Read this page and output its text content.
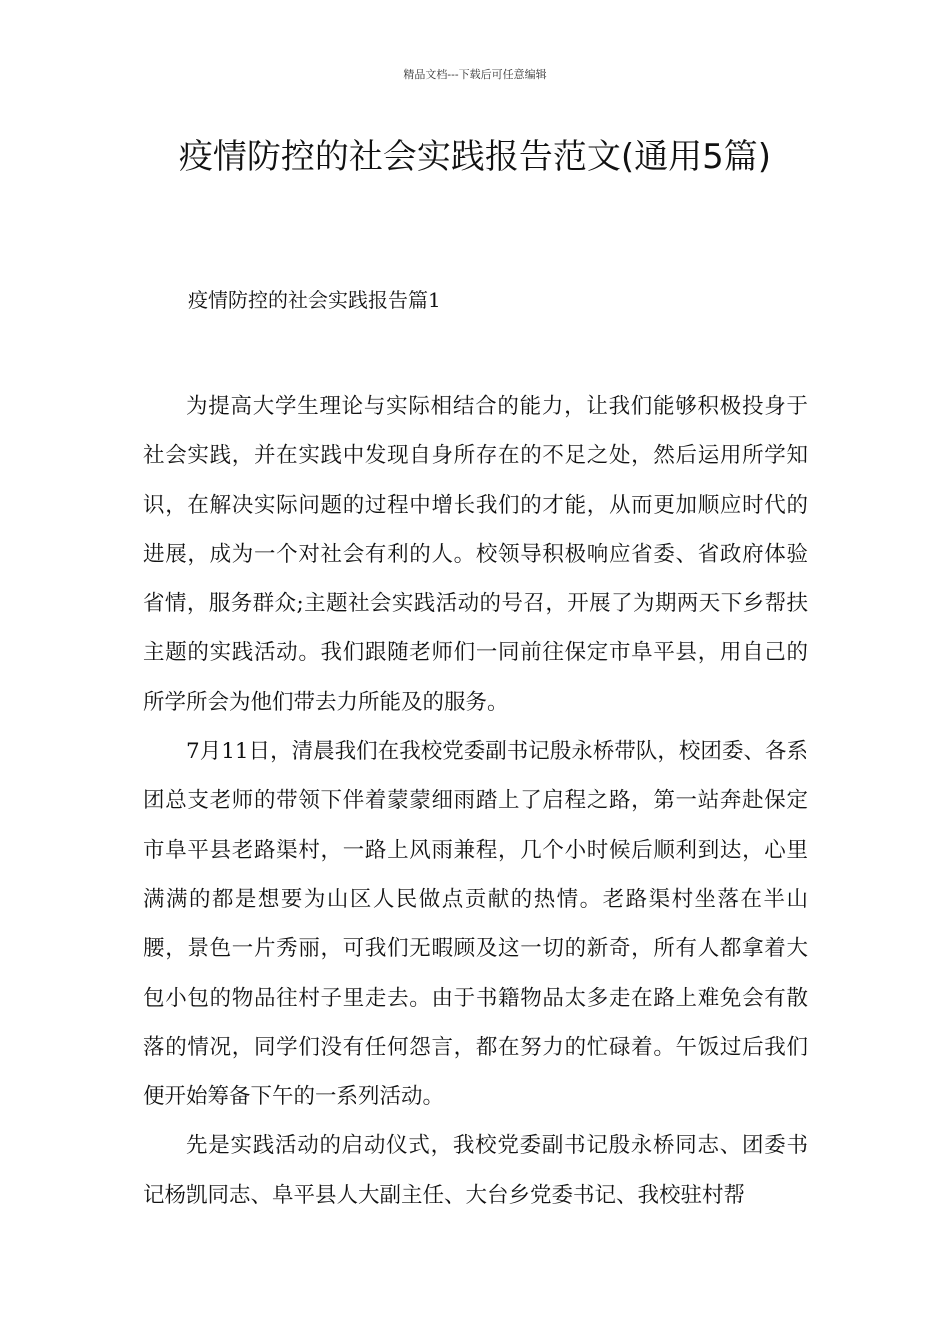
精品文档---下载后可任意编辑
疫情防控的社会实践报告范文(通用5篇)
疫情防控的社会实践报告篇1

为提高大学生理论与实际相结合的能力，让我们能够积极投身于社会实践，并在实践中发现自身所存在的不足之处，然后运用所学知识，在解决实际问题的过程中增长我们的才能，从而更加顺应时代的进展，成为一个对社会有利的人。校领导积极响应省委、省政府体验省情，服务群众;主题社会实践活动的号召，开展了为期两天下乡帮扶主题的实践活动。我们跟随老师们一同前往保定市阜平县，用自己的所学所会为他们带去力所能及的服务。

7月11日，清晨我们在我校党委副书记殷永桥带队，校团委、各系团总支老师的带领下伴着蒙蒙细雨踏上了启程之路，第一站奔赴保定市阜平县老路渠村，一路上风雨兼程，几个小时候后顺利到达，心里满满的都是想要为山区人民做点贡献的热情。老路渠村坐落在半山腰，景色一片秀丽，可我们无暇顾及这一切的新奇，所有人都拿着大包小包的物品往村子里走去。由于书籍物品太多走在路上难免会有散落的情况，同学们没有任何怨言，都在努力的忙碌着。午饭过后我们便开始筹备下午的一系列活动。

先是实践活动的启动仪式，我校党委副书记殷永桥同志、团委书记杨凯同志、阜平县人大副主任、大台乡党委书记、我校驻村帮
